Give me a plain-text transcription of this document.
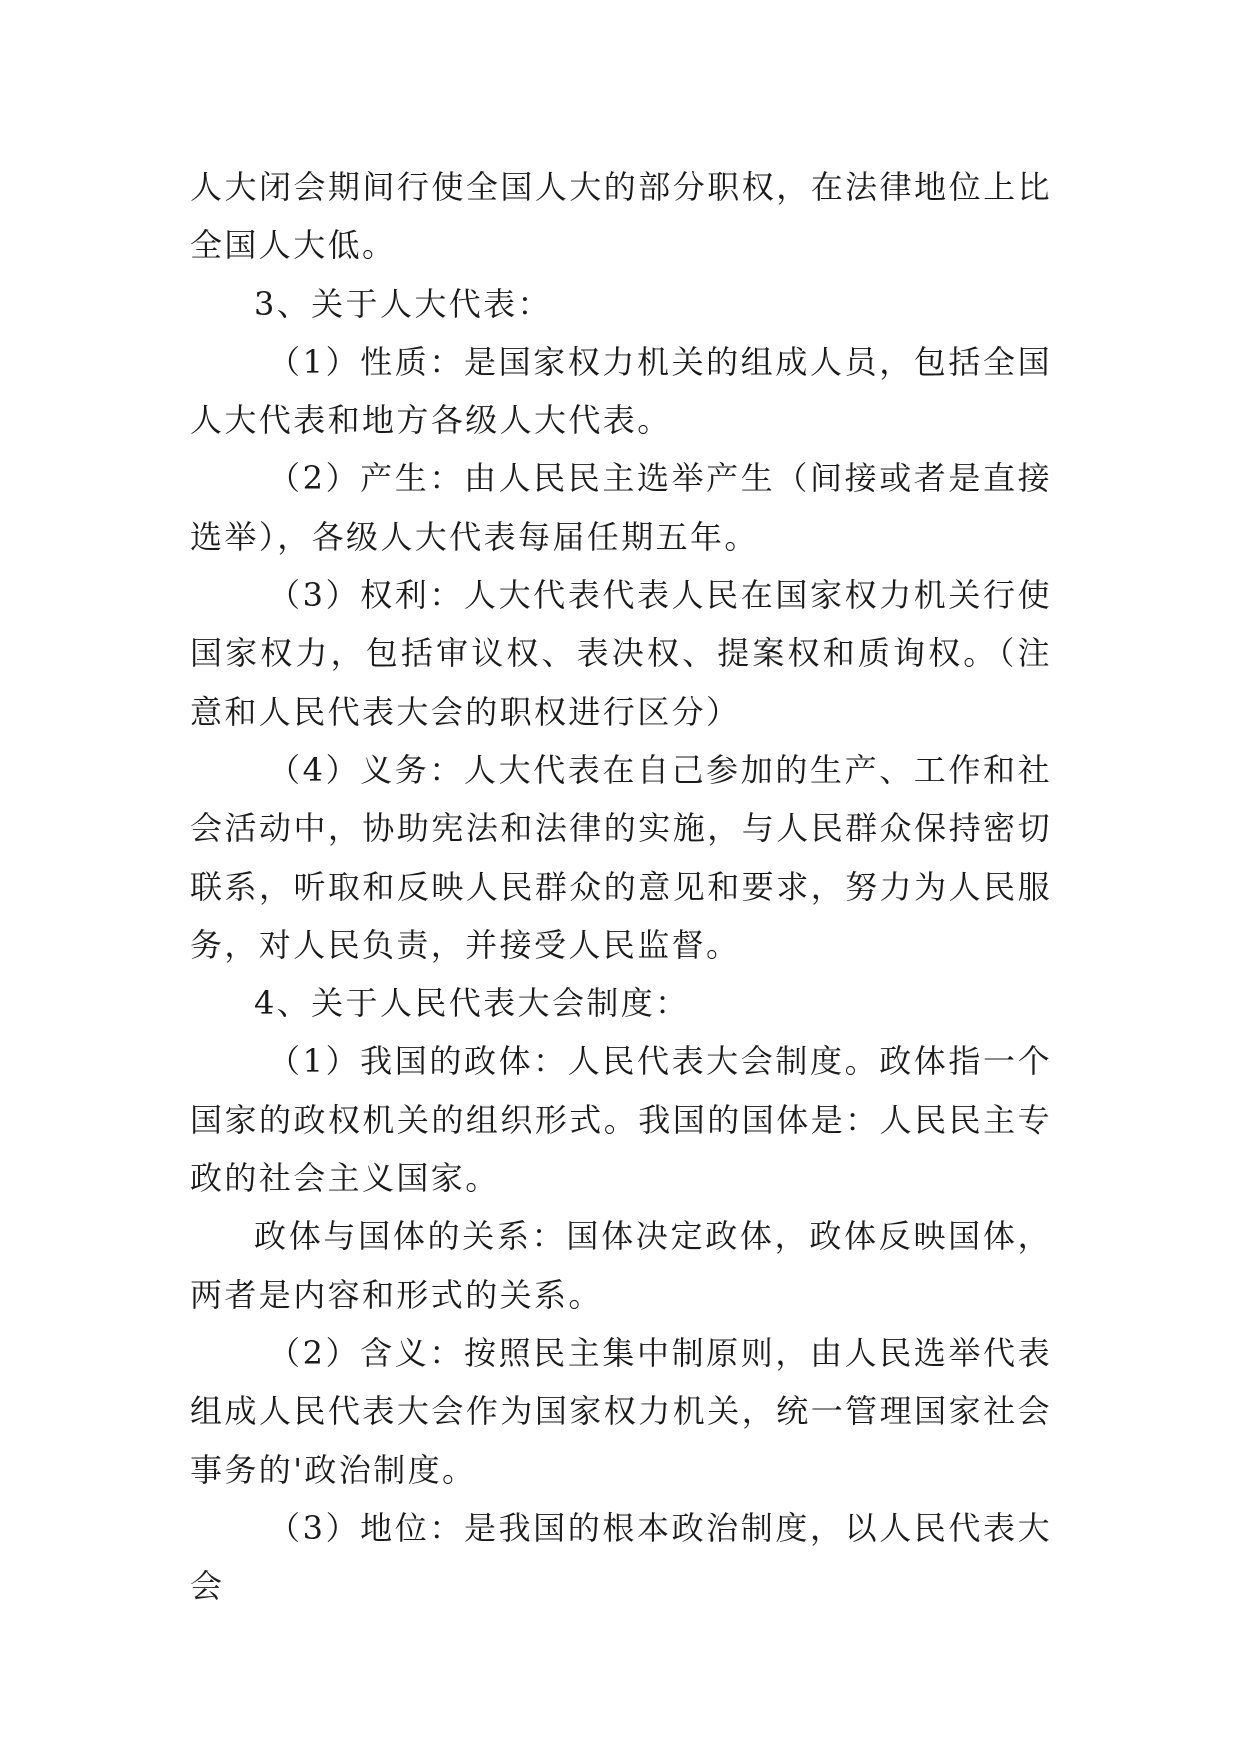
人大闭会期间行使全国人大的部分职权，在法律地位上比全国人大低。

3、关于人大代表：

（1）性质：是国家权力机关的组成人员，包括全国人大代表和地方各级人大代表。

（2）产生：由人民民主选举产生（间接或者是直接选举），各级人大代表每届任期五年。

（3）权利：人大代表代表人民在国家权力机关行使国家权力，包括审议权、表决权、提案权和质询权。（注意和人民代表大会的职权进行区分）

（4）义务：人大代表在自己参加的生产、工作和社会活动中，协助宪法和法律的实施，与人民群众保持密切联系，听取和反映人民群众的意见和要求，努力为人民服务，对人民负责，并接受人民监督。

4、关于人民代表大会制度：

（1）我国的政体：人民代表大会制度。政体指一个国家的政权机关的组织形式。我国的国体是：人民民主专政的社会主义国家。

政体与国体的关系：国体决定政体，政体反映国体，两者是内容和形式的关系。

（2）含义：按照民主集中制原则，由人民选举代表组成人民代表大会作为国家权力机关，统一管理国家社会事务的'政治制度。

（3）地位：是我国的根本政治制度，以人民代表大会
